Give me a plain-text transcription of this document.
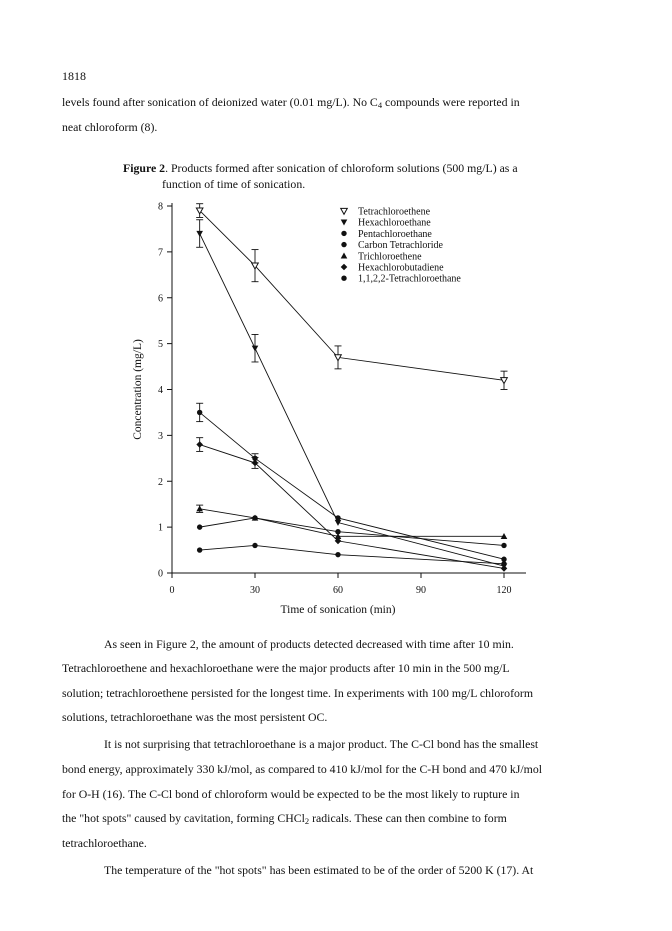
1818

levels found after sonication of deionized water (0.01 mg/L). No $C_4$ compounds were reported in

neat chloroform (8).

Figure 2. Products formed after sonication of chloroform solutions (500 mg/L) as a
function of time of sonication.
0
1
2
3
4
5
6
7
8
0	30	60	90	120
Time of sonication (min)
Concentration (mg/L)
Tetrachloroethene
Hexachloroethane
Pentachloroethane
Carbon Tetrachloride
Trichloroethene
Hexachlorobutadiene
1,1,2,2-Tetrachloroethane

As seen in Figure 2, the amount of products detected decreased with time after 10 min.

Tetrachloroethene and hexachloroethane were the major products after 10 min in the 500 mg/L

solution; tetrachloroethene persisted for the longest time. In experiments with 100 mg/L chloroform

solutions, tetrachloroethane was the most persistent OC.

It is not surprising that tetrachloroethane is a major product. The C-Cl bond has the smallest

bond energy, approximately 330 kJ/mol, as compared to 410 kJ/mol for the C-H bond and 470 kJ/mol

for O-H (16). The C-Cl bond of chloroform would be expected to be the most likely to rupture in

the "hot spots" caused by cavitation, forming CHCl$_2$ radicals. These can then combine to form

tetrachloroethane.

The temperature of the "hot spots" has been estimated to be of the order of 5200 K (17). At
